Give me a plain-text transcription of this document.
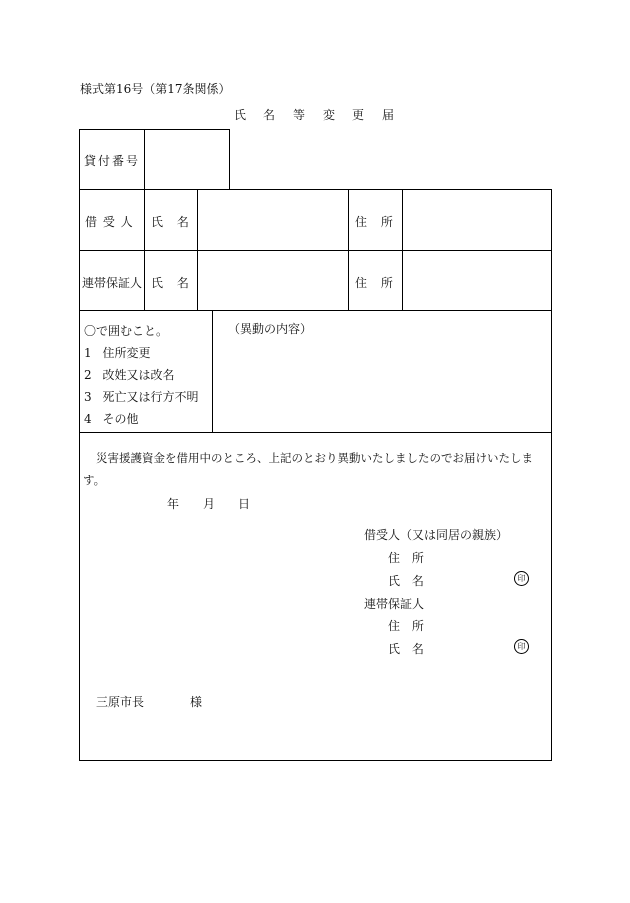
様式第16号（第17条関係）
氏 名 等 変 更 届
貸付番号
借 受 人 氏 名	住 所
連帯保証人 氏 名	住 所
〇で囲むこと。
1 住所変更
2 改姓又は改名
3 死亡又は行方不明
4 その他
（異動の内容）
災害援護資金を借用中のところ、上記のとおり異動いたしましたのでお届けいたしま
す。
年 月 日
借受人（又は同居の親族）
住 所
氏 名	印
連帯保証人
住 所
氏 名	印
三原市長	様
